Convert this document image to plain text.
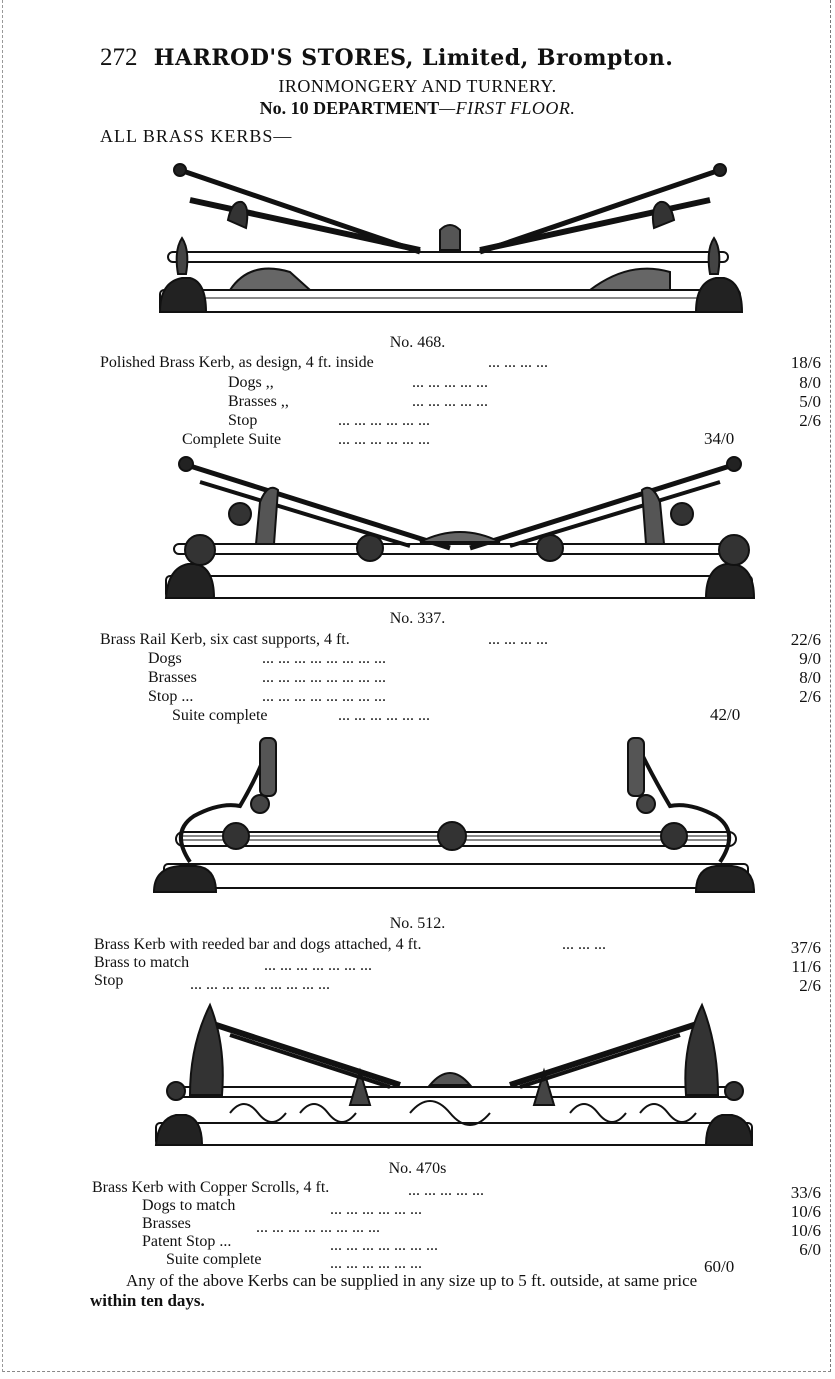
272 HARROD'S STORES, Limited, Brompton.
IRONMONGERY AND TURNERY.
No. 10 DEPARTMENT—FIRST FLOOR.
ALL BRASS KERBS—
No. 468.
Polished Brass Kerb, as design, 4 ft. inside	... ... ... ...	18/6
Dogs ,,	... ... ... ... ...	8/0
Brasses ,,	... ... ... ... ...	5/0
Stop	... ... ... ... ... ...	2/6
Complete Suite	... ... ... ... ... ...	34/0
No. 337.
Brass Rail Kerb, six cast supports, 4 ft.	... ... ... ...	22/6
Dogs	... ... ... ... ... ... ... ...	9/0
Brasses	... ... ... ... ... ... ... ...	8/0
Stop ...	... ... ... ... ... ... ... ...	2/6
Suite complete	... ... ... ... ... ...	42/0
No. 512.
Brass Kerb with reeded bar and dogs attached, 4 ft.	... ... ...	37/6
Brass to match	... ... ... ... ... ... ...	11/6
Stop	... ... ... ... ... ... ... ... ...	2/6
No. 470s
Brass Kerb with Copper Scrolls, 4 ft.	... ... ... ... ...	33/6
Dogs to match	... ... ... ... ... ...	10/6
Brasses	... ... ... ... ... ... ... ...	10/6
Patent Stop ...	... ... ... ... ... ... ...	6/0
Suite complete	... ... ... ... ... ...	60/0
Any of the above Kerbs can be supplied in any size up to 5 ft. outside, at same price
within ten days.
